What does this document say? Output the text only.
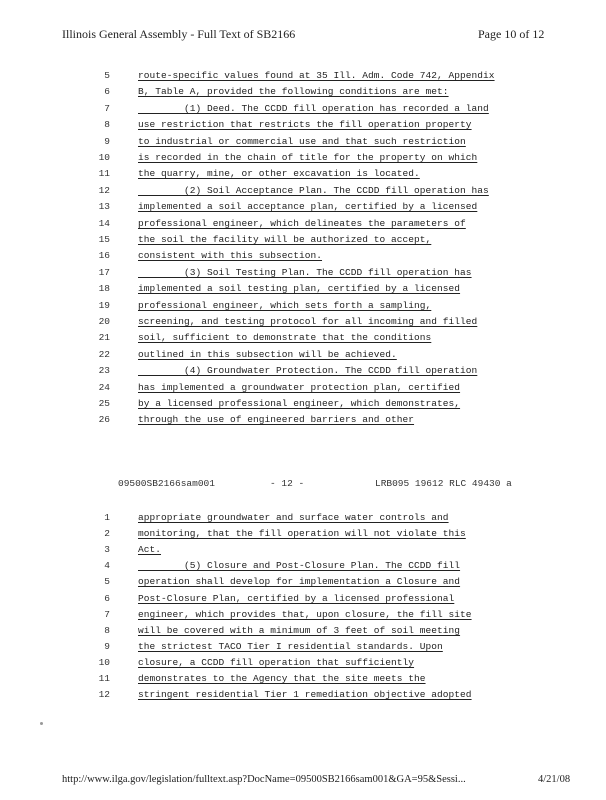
Illinois General Assembly - Full Text of SB2166	Page 10 of 12
5	route-specific values found at 35 Ill. Adm. Code 742, Appendix
6	B, Table A, provided the following conditions are met:
7	(1) Deed. The CCDD fill operation has recorded a land
8	use restriction that restricts the fill operation property
9	to industrial or commercial use and that such restriction
10	is recorded in the chain of title for the property on which
11	the quarry, mine, or other excavation is located.
12	(2) Soil Acceptance Plan. The CCDD fill operation has
13	implemented a soil acceptance plan, certified by a licensed
14	professional engineer, which delineates the parameters of
15	the soil the facility will be authorized to accept,
16	consistent with this subsection.
17	(3) Soil Testing Plan. The CCDD fill operation has
18	implemented a soil testing plan, certified by a licensed
19	professional engineer, which sets forth a sampling,
20	screening, and testing protocol for all incoming and filled
21	soil, sufficient to demonstrate that the conditions
22	outlined in this subsection will be achieved.
23	(4) Groundwater Protection. The CCDD fill operation
24	has implemented a groundwater protection plan, certified
25	by a licensed professional engineer, which demonstrates,
26	through the use of engineered barriers and other
09500SB2166sam001	- 12 -	LRB095 19612 RLC 49430 a
1	appropriate groundwater and surface water controls and
2	monitoring, that the fill operation will not violate this
3	Act.
4	(5) Closure and Post-Closure Plan. The CCDD fill
5	operation shall develop for implementation a Closure and
6	Post-Closure Plan, certified by a licensed professional
7	engineer, which provides that, upon closure, the fill site
8	will be covered with a minimum of 3 feet of soil meeting
9	the strictest TACO Tier I residential standards. Upon
10	closure, a CCDD fill operation that sufficiently
11	demonstrates to the Agency that the site meets the
12	stringent residential Tier 1 remediation objective adopted
http://www.ilga.gov/legislation/fulltext.asp?DocName=09500SB2166sam001&GA=95&Sessi...	4/21/08
